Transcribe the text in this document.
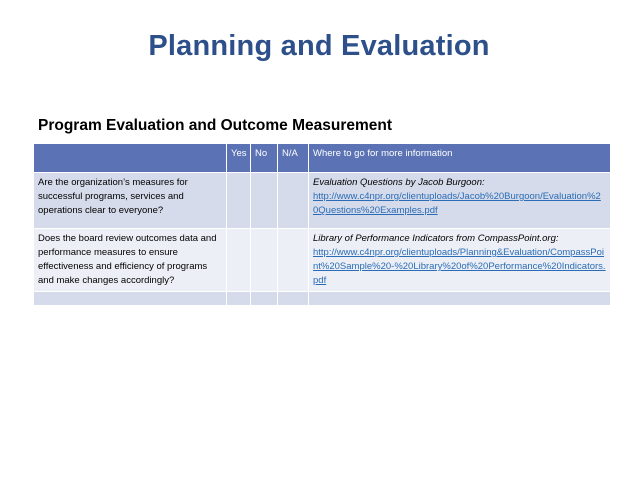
Planning and Evaluation
Program Evaluation and Outcome Measurement
	Yes	No	N/A	Where to go for more information
Are the organization’s measures for successful programs, services and operations clear to everyone?				Evaluation Questions by Jacob Burgoon:
http://www.c4npr.org/clientuploads/Jacob%20Burgoon/Evaluation%20Questions%20Examples.pdf

Does the board review outcomes data and performance measures to ensure effectiveness and efficiency of programs and make changes accordingly?				Library of Performance Indicators from CompassPoint.org:
http://www.c4npr.org/clientuploads/Planning&Evaluation/CompassPoint%20Sample%20-%20Library%20of%20Performance%20Indicators.pdf
